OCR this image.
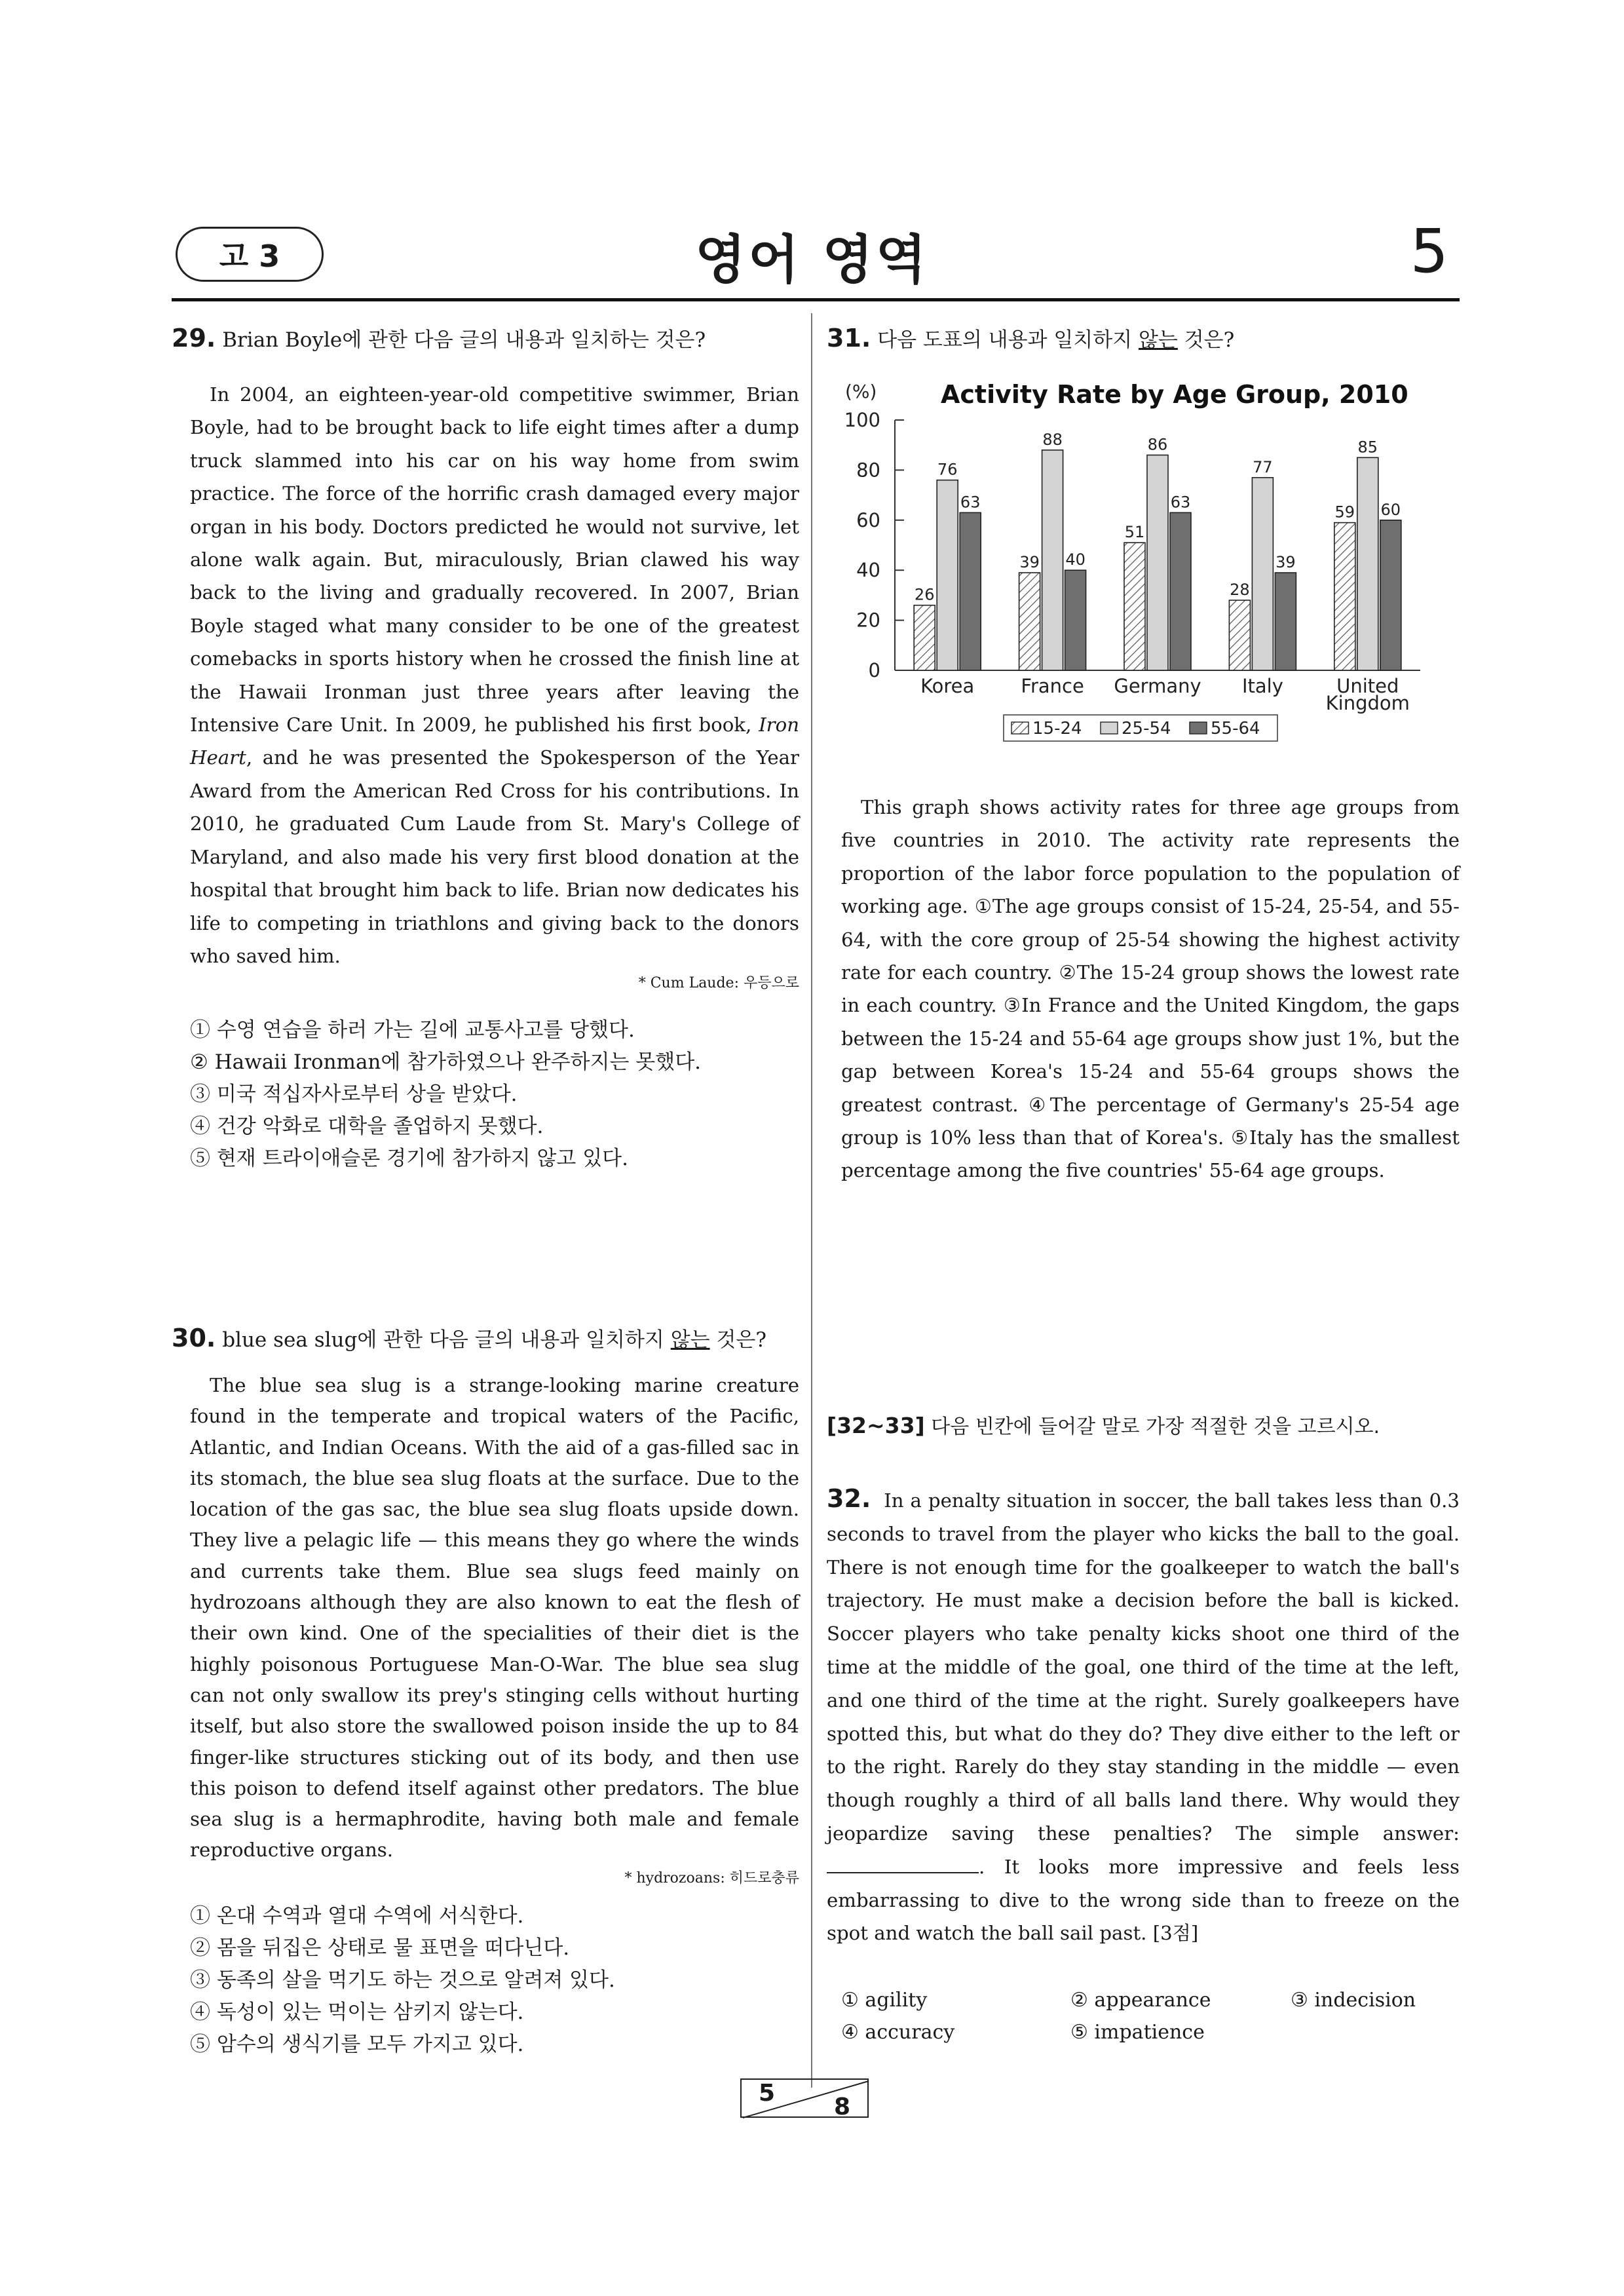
고 3	영어 영역	5
29. Brian Boyle에 관한 다음 글의 내용과 일치하는 것은?

In 2004, an eighteen-year-old competitive swimmer, Brian Boyle, had to be brought back to life eight times after a dump truck slammed into his car on his way home from swim practice. The force of the horrific crash damaged every major organ in his body. Doctors predicted he would not survive, let alone walk again. But, miraculously, Brian clawed his way back to the living and gradually recovered. In 2007, Brian Boyle staged what many consider to be one of the greatest comebacks in sports history when he crossed the finish line at the Hawaii Ironman just three years after leaving the Intensive Care Unit. In 2009, he published his first book, Iron Heart, and he was presented the Spokesperson of the Year Award from the American Red Cross for his contributions. In 2010, he graduated Cum Laude from St. Mary's College of Maryland, and also made his very first blood donation at the hospital that brought him back to life. Brian now dedicates his life to competing in triathlons and giving back to the donors who saved him.

* Cum Laude: 우등으로
① 수영 연습을 하러 가는 길에 교통사고를 당했다.
② Hawaii Ironman에 참가하였으나 완주하지는 못했다.
③ 미국 적십자사로부터 상을 받았다.
④ 건강 악화로 대학을 졸업하지 못했다.
⑤ 현재 트라이애슬론 경기에 참가하지 않고 있다.
30. blue sea slug에 관한 다음 글의 내용과 일치하지 않는 것은?

The blue sea slug is a strange-looking marine creature found in the temperate and tropical waters of the Pacific, Atlantic, and Indian Oceans. With the aid of a gas-filled sac in its stomach, the blue sea slug floats at the surface. Due to the location of the gas sac, the blue sea slug floats upside down. They live a pelagic life — this means they go where the winds and currents take them. Blue sea slugs feed mainly on hydrozoans although they are also known to eat the flesh of their own kind. One of the specialities of their diet is the highly poisonous Portuguese Man-O-War. The blue sea slug can not only swallow its prey's stinging cells without hurting itself, but also store the swallowed poison inside the up to 84 finger-like structures sticking out of its body, and then use this poison to defend itself against other predators. The blue sea slug is a hermaphrodite, having both male and female reproductive organs.

* hydrozoans: 히드로충류
① 온대 수역과 열대 수역에 서식한다.
② 몸을 뒤집은 상태로 물 표면을 떠다닌다.
③ 동족의 살을 먹기도 하는 것으로 알려져 있다.
④ 독성이 있는 먹이는 삼키지 않는다.
⑤ 암수의 생식기를 모두 가지고 있다.
31. 다음 도표의 내용과 일치하지 않는 것은?
Activity Rate by Age Group, 2010
(%)
0
20
40
60
80
100
Korea France Germany Italy	United
Kingdom
26
76
63
39
88
40
51
86
63
28
77
39
59
85
60
15-24 25-54 55-64

This graph shows activity rates for three age groups from five countries in 2010. The activity rate represents the proportion of the labor force population to the population of working age. ①The age groups consist of 15-24, 25-54, and 55-64, with the core group of 25-54 showing the highest activity rate for each country. ②The 15-24 group shows the lowest rate in each country. ③In France and the United Kingdom, the gaps between the 15-24 and 55-64 age groups show just 1%, but the gap between Korea's 15-24 and 55-64 groups shows the greatest contrast. ④The percentage of Germany's 25-54 age group is 10% less than that of Korea's. ⑤Italy has the smallest percentage among the five countries' 55-64 age groups.

[32~33] 다음 빈칸에 들어갈 말로 가장 적절한 것을 고르시오.

32. In a penalty situation in soccer, the ball takes less than 0.3 seconds to travel from the player who kicks the ball to the goal. There is not enough time for the goalkeeper to watch the ball's trajectory. He must make a decision before the ball is kicked. Soccer players who take penalty kicks shoot one third of the time at the middle of the goal, one third of the time at the left, and one third of the time at the right. Surely goalkeepers have spotted this, but what do they do? They dive either to the left or to the right. Rarely do they stay standing in the middle — even though roughly a third of all balls land there. Why would they jeopardize saving these penalties? The simple answer: . It looks more impressive and feels less embarrassing to dive to the wrong side than to freeze on the spot and watch the ball sail past. [3점]

① agility	② appearance	③ indecision
④ accuracy	⑤ impatience
5
8
